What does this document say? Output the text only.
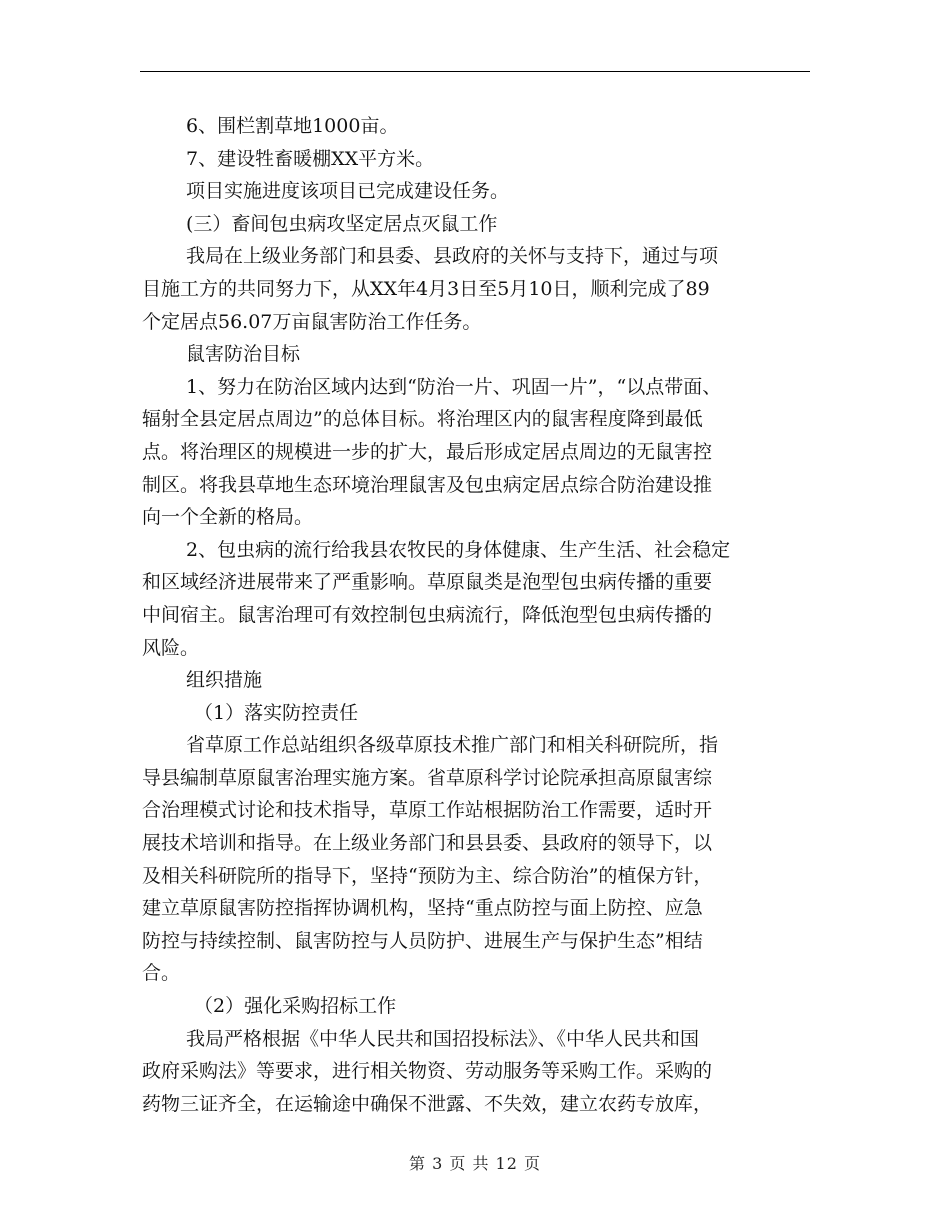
6、围栏割草地1000亩。

7、建设牲畜暖棚XX平方米。

项目实施进度该项目已完成建设任务。

(三）畜间包虫病攻坚定居点灭鼠工作

我局在上级业务部门和县委、县政府的关怀与支持下，通过与项

目施工方的共同努力下，从XX年4月3日至5月10日，顺利完成了89

个定居点56.07万亩鼠害防治工作任务。

鼠害防治目标

1、努力在防治区域内达到“防治一片、巩固一片”，“以点带面、

辐射全县定居点周边”的总体目标。将治理区内的鼠害程度降到最低

点。将治理区的规模进一步的扩大，最后形成定居点周边的无鼠害控

制区。将我县草地生态环境治理鼠害及包虫病定居点综合防治建设推

向一个全新的格局。

2、包虫病的流行给我县农牧民的身体健康、生产生活、社会稳定

和区域经济进展带来了严重影响。草原鼠类是泡型包虫病传播的重要

中间宿主。鼠害治理可有效控制包虫病流行，降低泡型包虫病传播的

风险。

组织措施

（1）落实防控责任

省草原工作总站组织各级草原技术推广部门和相关科研院所，指

导县编制草原鼠害治理实施方案。省草原科学讨论院承担高原鼠害综

合治理模式讨论和技术指导，草原工作站根据防治工作需要，适时开

展技术培训和指导。在上级业务部门和县县委、县政府的领导下，以

及相关科研院所的指导下，坚持“预防为主、综合防治”的植保方针，

建立草原鼠害防控指挥协调机构，坚持“重点防控与面上防控、应急

防控与持续控制、鼠害防控与人员防护、进展生产与保护生态”相结

合。

（2）强化采购招标工作

我局严格根据《中华人民共和国招投标法》、《中华人民共和国

政府采购法》等要求，进行相关物资、劳动服务等采购工作。采购的

药物三证齐全，在运输途中确保不泄露、不失效，建立农药专放库，

第 3 页 共 12 页
